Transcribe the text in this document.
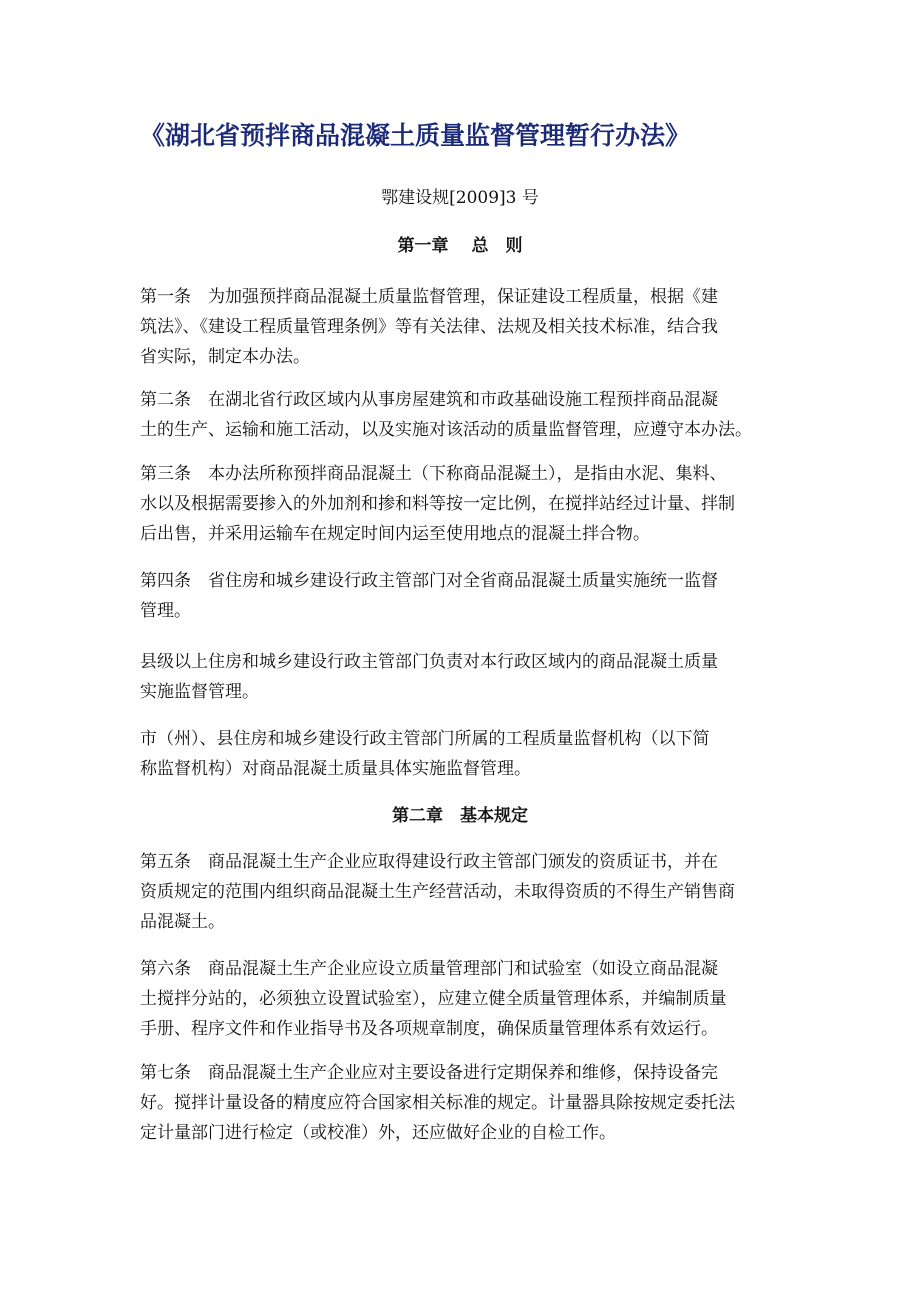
《湖北省预拌商品混凝土质量监督管理暂行办法》
鄂建设规[2009]3 号
第一章　 总　则
第一条　为加强预拌商品混凝土质量监督管理，保证建设工程质量，根据《建
筑法》、《建设工程质量管理条例》等有关法律、法规及相关技术标准，结合我
省实际，制定本办法。
第二条　在湖北省行政区域内从事房屋建筑和市政基础设施工程预拌商品混凝
土的生产、运输和施工活动，以及实施对该活动的质量监督管理，应遵守本办法。
第三条　本办法所称预拌商品混凝土（下称商品混凝土），是指由水泥、集料、
水以及根据需要掺入的外加剂和掺和料等按一定比例，在搅拌站经过计量、拌制
后出售，并采用运输车在规定时间内运至使用地点的混凝土拌合物。
第四条　省住房和城乡建设行政主管部门对全省商品混凝土质量实施统一监督
管理。
县级以上住房和城乡建设行政主管部门负责对本行政区域内的商品混凝土质量
实施监督管理。
市（州）、县住房和城乡建设行政主管部门所属的工程质量监督机构（以下简
称监督机构）对商品混凝土质量具体实施监督管理。
第二章　基本规定
第五条　商品混凝土生产企业应取得建设行政主管部门颁发的资质证书，并在
资质规定的范围内组织商品混凝土生产经营活动，未取得资质的不得生产销售商
品混凝土。
第六条　商品混凝土生产企业应设立质量管理部门和试验室（如设立商品混凝
土搅拌分站的，必须独立设置试验室），应建立健全质量管理体系，并编制质量
手册、程序文件和作业指导书及各项规章制度，确保质量管理体系有效运行。
第七条　商品混凝土生产企业应对主要设备进行定期保养和维修，保持设备完
好。搅拌计量设备的精度应符合国家相关标准的规定。计量器具除按规定委托法
定计量部门进行检定（或校准）外，还应做好企业的自检工作。
